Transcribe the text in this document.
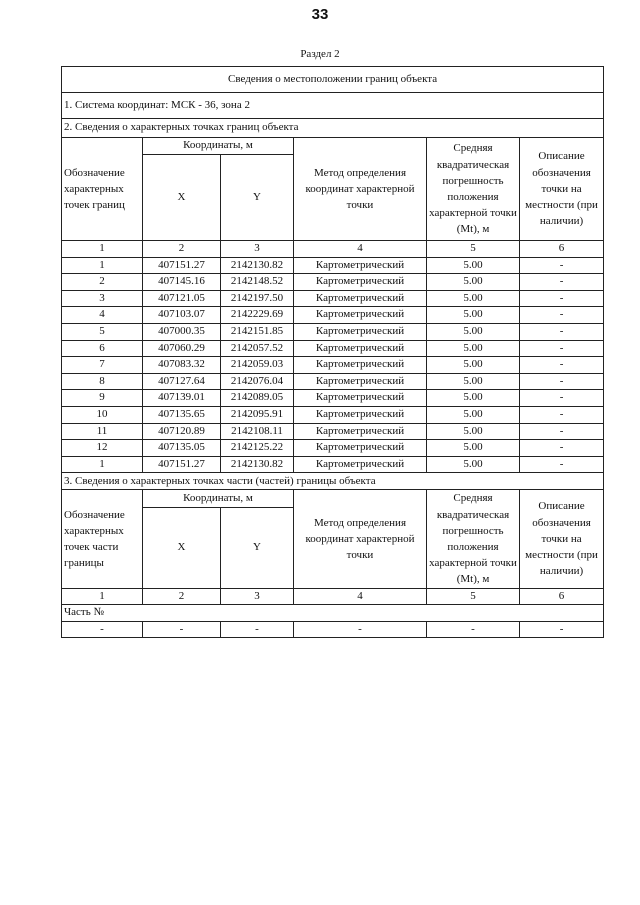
33
Раздел 2
Сведения о местоположении границ объекта					
1. Система координат: МСК - 36, зона 2					
2. Сведения о характерных точках границ объекта					
Обозначение характерных точек границ	Координаты, м		Метод определения координат характерной точки	Средняя квадратическая погрешность положения характерной точки (Mt), м	Описание обозначения точки на местности (при наличии)
	X	Y			
1	2	3	4	5	6
1	407151.27	2142130.82	Картометрический	5.00	-
2	407145.16	2142148.52	Картометрический	5.00	-
3	407121.05	2142197.50	Картометрический	5.00	-
4	407103.07	2142229.69	Картометрический	5.00	-
5	407000.35	2142151.85	Картометрический	5.00	-
6	407060.29	2142057.52	Картометрический	5.00	-
7	407083.32	2142059.03	Картометрический	5.00	-
8	407127.64	2142076.04	Картометрический	5.00	-
9	407139.01	2142089.05	Картометрический	5.00	-
10	407135.65	2142095.91	Картометрический	5.00	-
11	407120.89	2142108.11	Картометрический	5.00	-
12	407135.05	2142125.22	Картометрический	5.00	-
1	407151.27	2142130.82	Картометрический	5.00	-
3. Сведения о характерных точках части (частей) границы объекта					
Обозначение характерных точек части границы	Координаты, м		Метод определения координат характерной точки	Средняя квадратическая погрешность положения характерной точки (Mt), м	Описание обозначения точки на местности (при наличии)
	X	Y			
1	2	3	4	5	6
Часть №					
-	-	-	-	-	-
